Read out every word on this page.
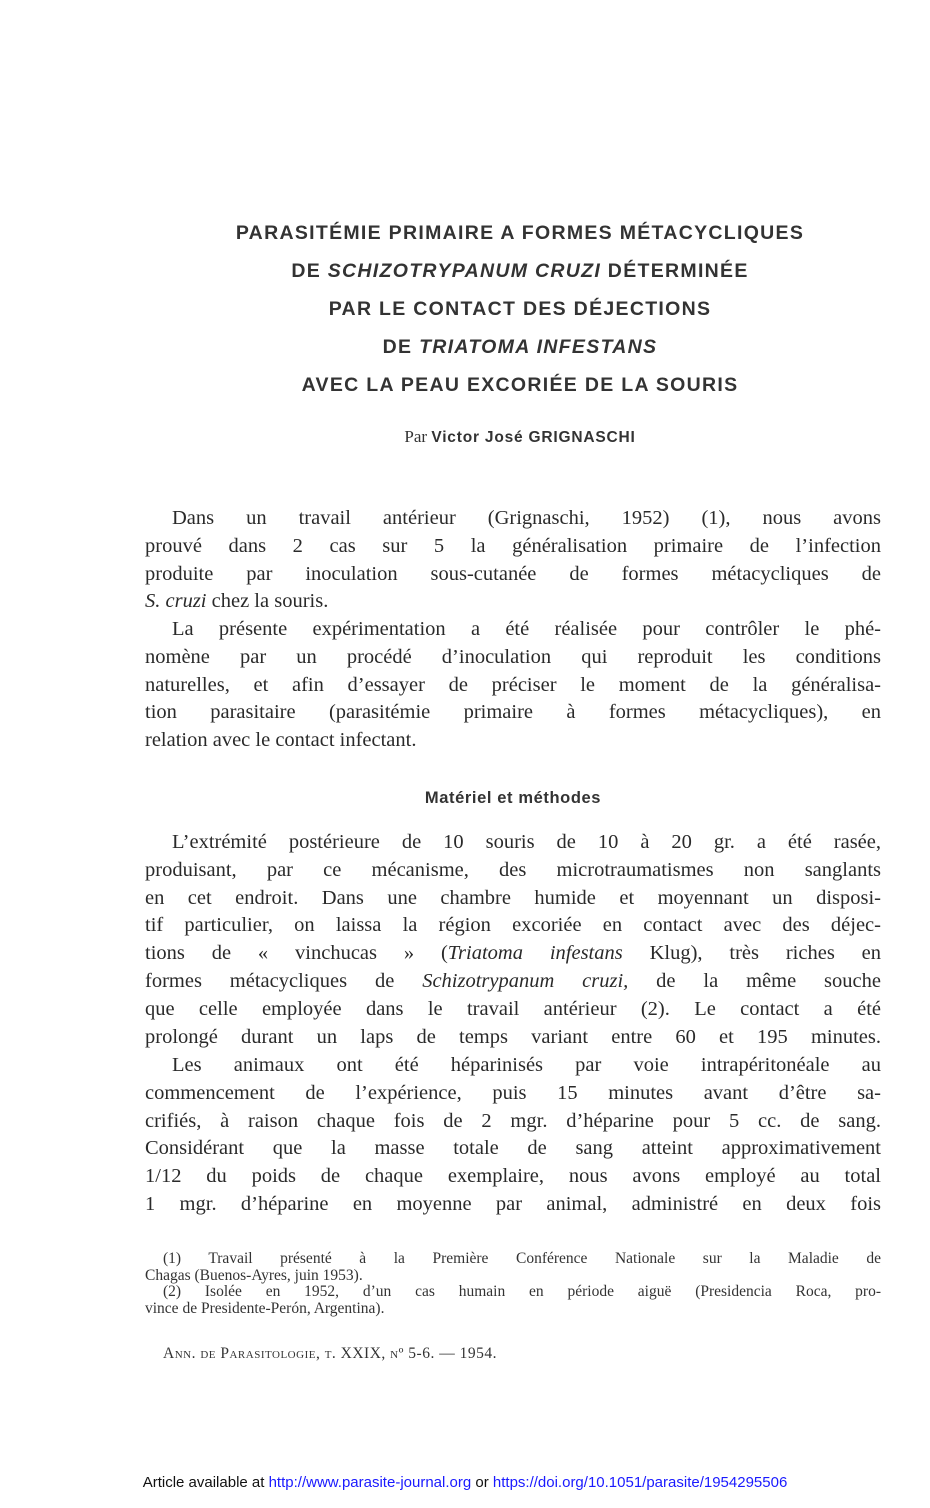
PARASITÉMIE PRIMAIRE A FORMES MÉTACYCLIQUES
DE SCHIZOTRYPANUM CRUZI DÉTERMINÉE
PAR LE CONTACT DES DÉJECTIONS
DE TRIATOMA INFESTANS
AVEC LA PEAU EXCORIÉE DE LA SOURIS
Par Victor José GRIGNASCHI

Dans un travail antérieur (Grignaschi, 1952) (1), nous avons
prouvé dans 2 cas sur 5 la généralisation primaire de l’infection
produite par inoculation sous-cutanée de formes métacycliques de
S. cruzi chez la souris.

La présente expérimentation a été réalisée pour contrôler le phé-
nomène par un procédé d’inoculation qui reproduit les conditions
naturelles, et afin d’essayer de préciser le moment de la généralisa-
tion parasitaire (parasitémie primaire à formes métacycliques), en
relation avec le contact infectant.

Matériel et méthodes

L’extrémité postérieure de 10 souris de 10 à 20 gr. a été rasée,
produisant, par ce mécanisme, des microtraumatismes non sanglants
en cet endroit. Dans une chambre humide et moyennant un disposi-
tif particulier, on laissa la région excoriée en contact avec des déjec-
tions de « vinchucas » (Triatoma infestans Klug), très riches en
formes métacycliques de Schizotrypanum cruzi, de la même souche
que celle employée dans le travail antérieur (2). Le contact a été
prolongé durant un laps de temps variant entre 60 et 195 minutes.

Les animaux ont été héparinisés par voie intrapéritonéale au
commencement de l’expérience, puis 15 minutes avant d’être sa-
crifiés, à raison chaque fois de 2 mgr. d’héparine pour 5 cc. de sang.
Considérant que la masse totale de sang atteint approximativement
1/12 du poids de chaque exemplaire, nous avons employé au total
1 mgr. d’héparine en moyenne par animal, administré en deux fois

(1) Travail présenté à la Première Conférence Nationale sur la Maladie de
Chagas (Buenos-Ayres, juin 1953).
(2) Isolée en 1952, d’un cas humain en période aiguë (Presidencia Roca, pro-
vince de Presidente-Perón, Argentina).
Ann. de Parasitologie, t. XXIX, nº 5-6. — 1954.
Article available at http://www.parasite-journal.org or https://doi.org/10.1051/parasite/1954295506
